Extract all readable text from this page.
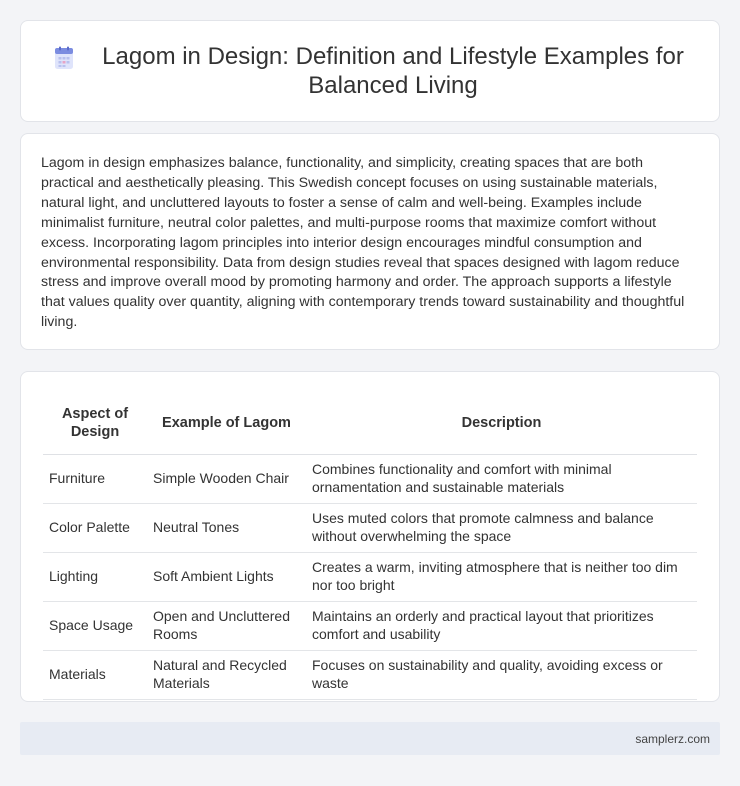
Lagom in Design: Definition and Lifestyle Examples for Balanced Living

Lagom in design emphasizes balance, functionality, and simplicity, creating spaces that are both practical and aesthetically pleasing. This Swedish concept focuses on using sustainable materials, natural light, and uncluttered layouts to foster a sense of calm and well-being. Examples include minimalist furniture, neutral color palettes, and multi-purpose rooms that maximize comfort without excess. Incorporating lagom principles into interior design encourages mindful consumption and environmental responsibility. Data from design studies reveal that spaces designed with lagom reduce stress and improve overall mood by promoting harmony and order. The approach supports a lifestyle that values quality over quantity, aligning with contemporary trends toward sustainability and thoughtful living.

Aspect of Design	Example of Lagom	Description
Furniture	Simple Wooden Chair	Combines functionality and comfort with minimal ornamentation and sustainable materials
Color Palette	Neutral Tones	Uses muted colors that promote calmness and balance without overwhelming the space
Lighting	Soft Ambient Lights	Creates a warm, inviting atmosphere that is neither too dim nor too bright
Space Usage	Open and Uncluttered Rooms	Maintains an orderly and practical layout that prioritizes comfort and usability
Materials	Natural and Recycled Materials	Focuses on sustainability and quality, avoiding excess or waste
samplerz.com
